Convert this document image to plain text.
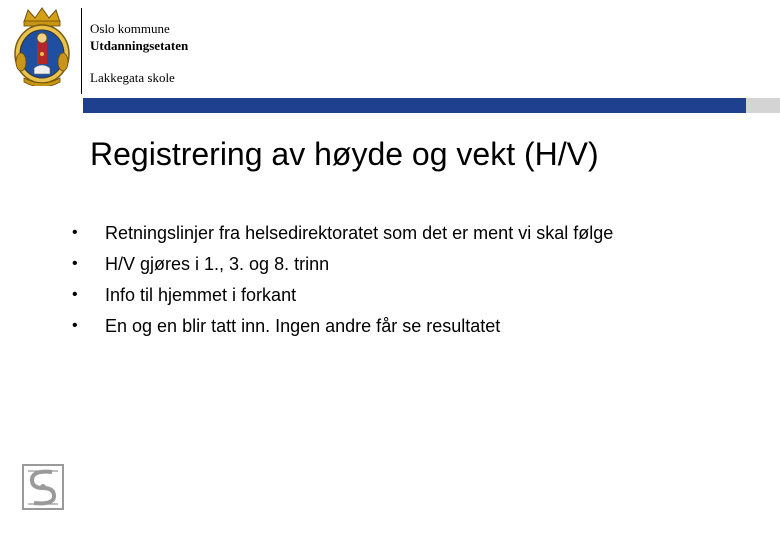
Oslo kommune
Utdanningsetaten
Lakkegata skole
Registrering av høyde og vekt (H/V)
•	Retningslinjer fra helsedirektoratet som det er ment vi skal følge
•	H/V gjøres i 1., 3. og 8. trinn
•	Info til hjemmet i forkant
•	En og en blir tatt inn. Ingen andre får se resultatet
